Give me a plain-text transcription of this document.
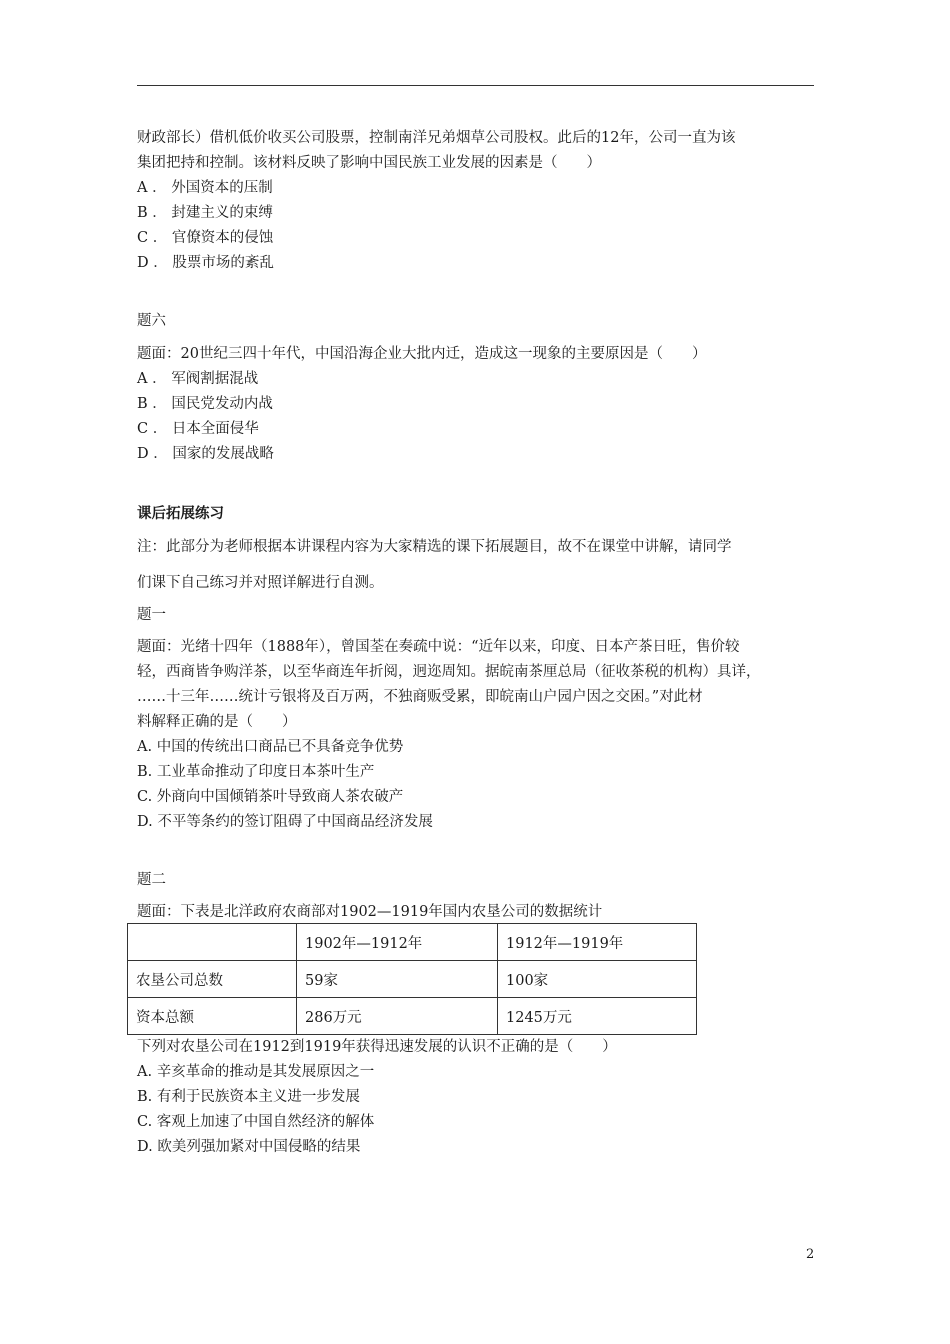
财政部长）借机低价收买公司股票，控制南洋兄弟烟草公司股权。此后的12年，公司一直为该
集团把持和控制。该材料反映了影响中国民族工业发展的因素是（　　）
A ． 外国资本的压制
B ． 封建主义的束缚
C ． 官僚资本的侵蚀
D ． 股票市场的紊乱
题六
题面：20世纪三四十年代，中国沿海企业大批内迁，造成这一现象的主要原因是（　　）
A ． 军阀割据混战
B ． 国民党发动内战
C ． 日本全面侵华
D ． 国家的发展战略
课后拓展练习
注：此部分为老师根据本讲课程内容为大家精选的课下拓展题目，故不在课堂中讲解，请同学
们课下自己练习并对照详解进行自测。
题一
题面：光绪十四年（1888年），曾国荃在奏疏中说：“近年以来，印度、日本产茶日旺，售价较
轻，西商皆争购洋茶，以至华商连年折阅，迥迩周知。据皖南茶厘总局（征收茶税的机构）具详，
……十三年……统计亏银将及百万两，不独商贩受累，即皖南山户园户因之交困。”对此材
料解释正确的是（　　）
A. 中国的传统出口商品已不具备竞争优势
B. 工业革命推动了印度日本茶叶生产
C. 外商向中国倾销茶叶导致商人茶农破产
D. 不平等条约的签订阻碍了中国商品经济发展
题二
题面：下表是北洋政府农商部对1902—1919年国内农垦公司的数据统计
	1902年—1912年	1912年—1919年
农垦公司总数	59家	100家
资本总额	286万元	1245万元
下列对农垦公司在1912到1919年获得迅速发展的认识不正确的是（　　）
A. 辛亥革命的推动是其发展原因之一
B. 有利于民族资本主义进一步发展
C. 客观上加速了中国自然经济的解体
D. 欧美列强加紧对中国侵略的结果
2
